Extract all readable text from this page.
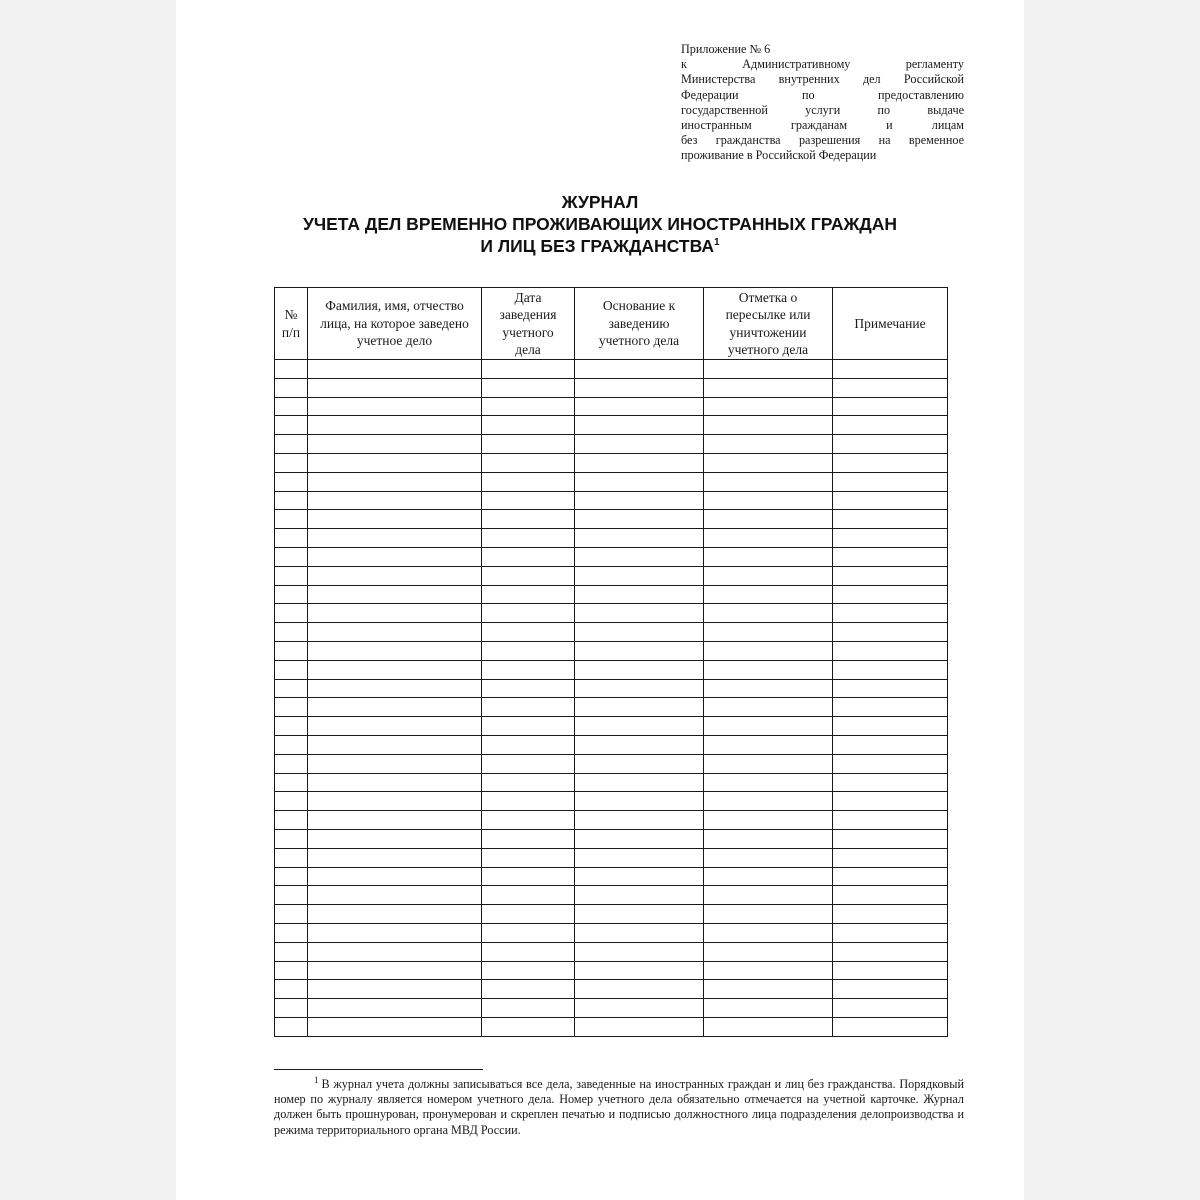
Приложение № 6
к Административному регламенту
Министерства внутренних дел Российской
Федерации по предоставлению
государственной услуги по выдаче
иностранным гражданам и лицам
без гражданства разрешения на временное
проживание в Российской Федерации
ЖУРНАЛ
УЧЕТА ДЕЛ ВРЕМЕННО ПРОЖИВАЮЩИХ ИНОСТРАННЫХ ГРАЖДАН
И ЛИЦ БЕЗ ГРАЖДАНСТВА$^1$
№ п/п	Фамилия, имя, отчество лица, на которое заведено учетное дело	Дата заведения учетного дела	Основание к заведению учетного дела	Отметка о пересылке или уничтожении учетного дела	Примечание

$^1$ В журнал учета должны записываться все дела, заведенные на иностранных граждан и лиц без гражданства. Порядковый номер по журналу является номером учетного дела. Номер учетного дела обязательно отмечается на учетной карточке. Журнал должен быть прошнурован, пронумерован и скреплен печатью и подписью должностного лица подразделения делопроизводства и режима территориального органа МВД России.
